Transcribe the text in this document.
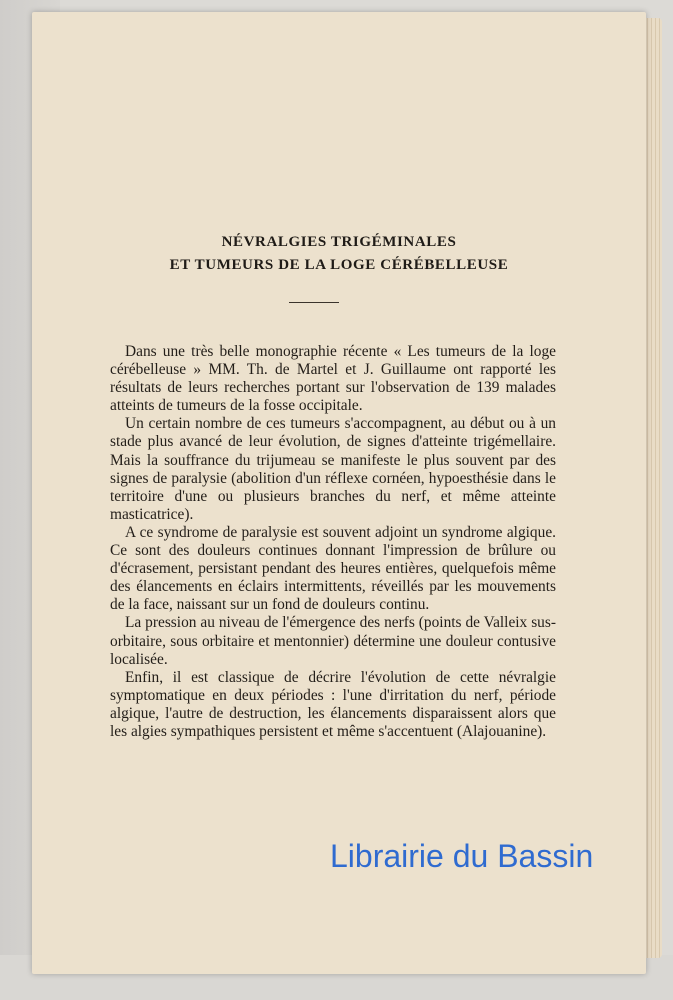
NÉVRALGIES TRIGÉMINALES
ET TUMEURS DE LA LOGE CÉRÉBELLEUSE

Dans une très belle monographie récente « Les tumeurs de la loge cérébelleuse » MM. Th. de Martel et J. Guillaume ont rapporté les résultats de leurs recherches portant sur l'observation de 139 malades atteints de tumeurs de la fosse occipitale.

Un certain nombre de ces tumeurs s'accompagnent, au début ou à un stade plus avancé de leur évolution, de signes d'atteinte trigémellaire. Mais la souffrance du trijumeau se manifeste le plus souvent par des signes de paralysie (abolition d'un réflexe cornéen, hypoesthésie dans le territoire d'une ou plusieurs branches du nerf, et même atteinte masticatrice).

A ce syndrome de paralysie est souvent adjoint un syndrome algique. Ce sont des douleurs continues donnant l'impression de brûlure ou d'écrasement, persistant pendant des heures entières, quelquefois même des élancements en éclairs intermittents, réveillés par les mouvements de la face, naissant sur un fond de douleurs continu.

La pression au niveau de l'émergence des nerfs (points de Valleix sus-orbitaire, sous orbitaire et mentonnier) détermine une douleur contusive localisée.

Enfin, il est classique de décrire l'évolution de cette névralgie symptomatique en deux périodes : l'une d'irritation du nerf, période algique, l'autre de destruction, les élancements disparaissent alors que les algies sympathiques persistent et même s'accentuent (Alajouanine).

Librairie du Bassin
